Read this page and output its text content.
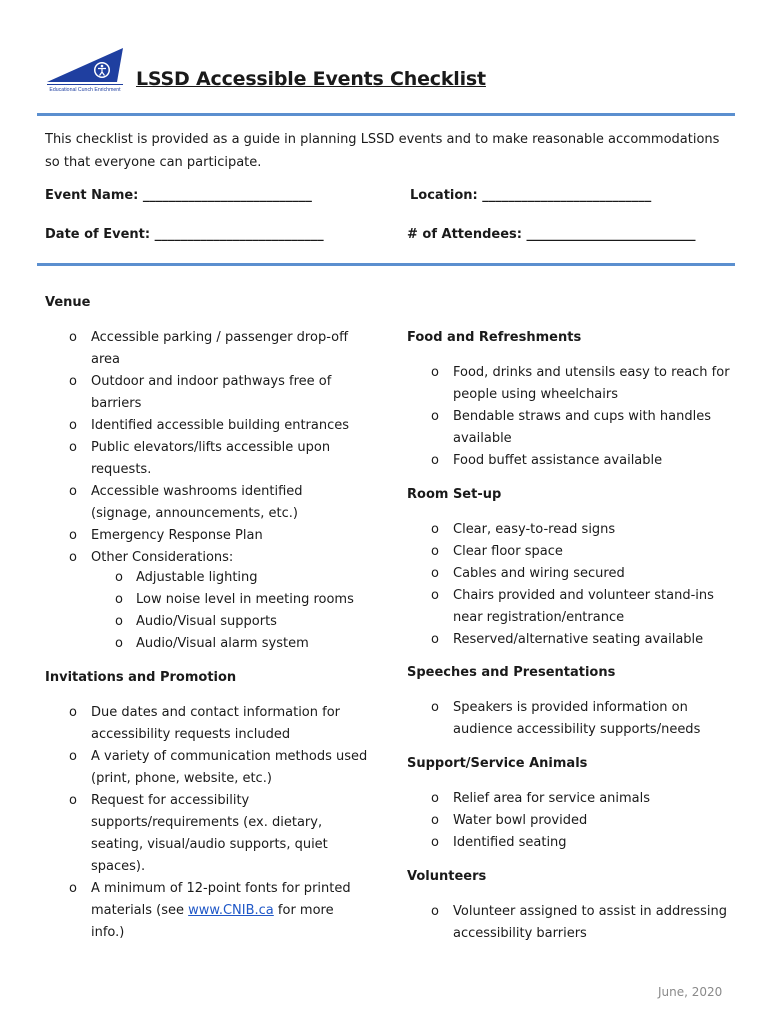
Educational Cunch Enrichment LSSD Accessible Events Checklist
This checklist is provided as a guide in planning LSSD events and to make reasonable accommodations so that everyone can participate.
Event Name: __________________________	Location: __________________________
Date of Event: __________________________	# of Attendees: __________________________
Venue
o Accessible parking / passenger drop-off area
o Outdoor and indoor pathways free of barriers
o Identified accessible building entrances
o Public elevators/lifts accessible upon requests.
o Accessible washrooms identified (signage, announcements, etc.)
o Emergency Response Plan
o Other Considerations:
o Adjustable lighting
o Low noise level in meeting rooms
o Audio/Visual supports
o Audio/Visual alarm system
Invitations and Promotion
o Due dates and contact information for accessibility requests included
o A variety of communication methods used (print, phone, website, etc.)
o Request for accessibility supports/requirements (ex. dietary, seating, visual/audio supports, quiet spaces).
o A minimum of 12-point fonts for printed materials (see www.CNIB.ca for more info.)
Food and Refreshments
o Food, drinks and utensils easy to reach for people using wheelchairs
o Bendable straws and cups with handles available
o Food buffet assistance available
Room Set-up
o Clear, easy-to-read signs
o Clear floor space
o Cables and wiring secured
o Chairs provided and volunteer stand-ins near registration/entrance
o Reserved/alternative seating available
Speeches and Presentations
o Speakers is provided information on audience accessibility supports/needs
Support/Service Animals
o Relief area for service animals
o Water bowl provided
o Identified seating
Volunteers
o Volunteer assigned to assist in addressing accessibility barriers
June, 2020
